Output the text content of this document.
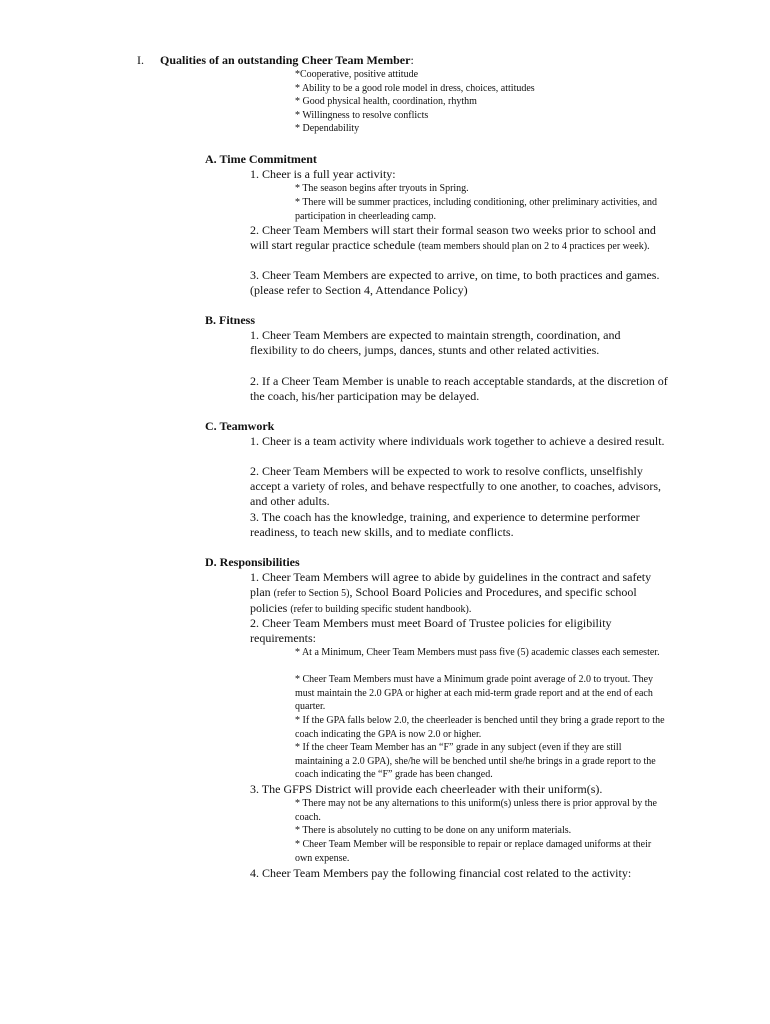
I. Qualities of an outstanding Cheer Team Member:

*Cooperative, positive attitude

* Ability to be a good role model in dress, choices, attitudes

* Good physical health, coordination, rhythm

* Willingness to resolve conflicts

* Dependability

A. Time Commitment
1. Cheer is a full year activity:
* The season begins after tryouts in Spring.
* There will be summer practices, including conditioning, other preliminary activities, and participation in cheerleading camp.
2. Cheer Team Members will start their formal season two weeks prior to school and will start regular practice schedule (team members should plan on 2 to 4 practices per week).
3. Cheer Team Members are expected to arrive, on time, to both practices and games. (please refer to Section 4, Attendance Policy)
B. Fitness
1. Cheer Team Members are expected to maintain strength, coordination, and flexibility to do cheers, jumps, dances, stunts and other related activities.
2. If a Cheer Team Member is unable to reach acceptable standards, at the discretion of the coach, his/her participation may be delayed.
C. Teamwork
1. Cheer is a team activity where individuals work together to achieve a desired result.
2. Cheer Team Members will be expected to work to resolve conflicts, unselfishly accept a variety of roles, and behave respectfully to one another, to coaches, advisors, and other adults.
3. The coach has the knowledge, training, and experience to determine performer readiness, to teach new skills, and to mediate conflicts.
D. Responsibilities
1. Cheer Team Members will agree to abide by guidelines in the contract and safety plan (refer to Section 5), School Board Policies and Procedures, and specific school policies (refer to building specific student handbook).
2. Cheer Team Members must meet Board of Trustee policies for eligibility requirements:
* At a Minimum, Cheer Team Members must pass five (5) academic classes each semester.
* Cheer Team Members must have a Minimum grade point average of 2.0 to tryout. They must maintain the 2.0 GPA or higher at each mid-term grade report and at the end of each quarter.
* If the GPA falls below 2.0, the cheerleader is benched until they bring a grade report to the coach indicating the GPA is now 2.0 or higher.
* If the cheer Team Member has an “F” grade in any subject (even if they are still maintaining a 2.0 GPA), she/he will be benched until she/he brings in a grade report to the coach indicating the “F” grade has been changed.
3. The GFPS District will provide each cheerleader with their uniform(s).
* There may not be any alternations to this uniform(s) unless there is prior approval by the coach.
* There is absolutely no cutting to be done on any uniform materials.
* Cheer Team Member will be responsible to repair or replace damaged uniforms at their own expense.
4. Cheer Team Members pay the following financial cost related to the activity:
